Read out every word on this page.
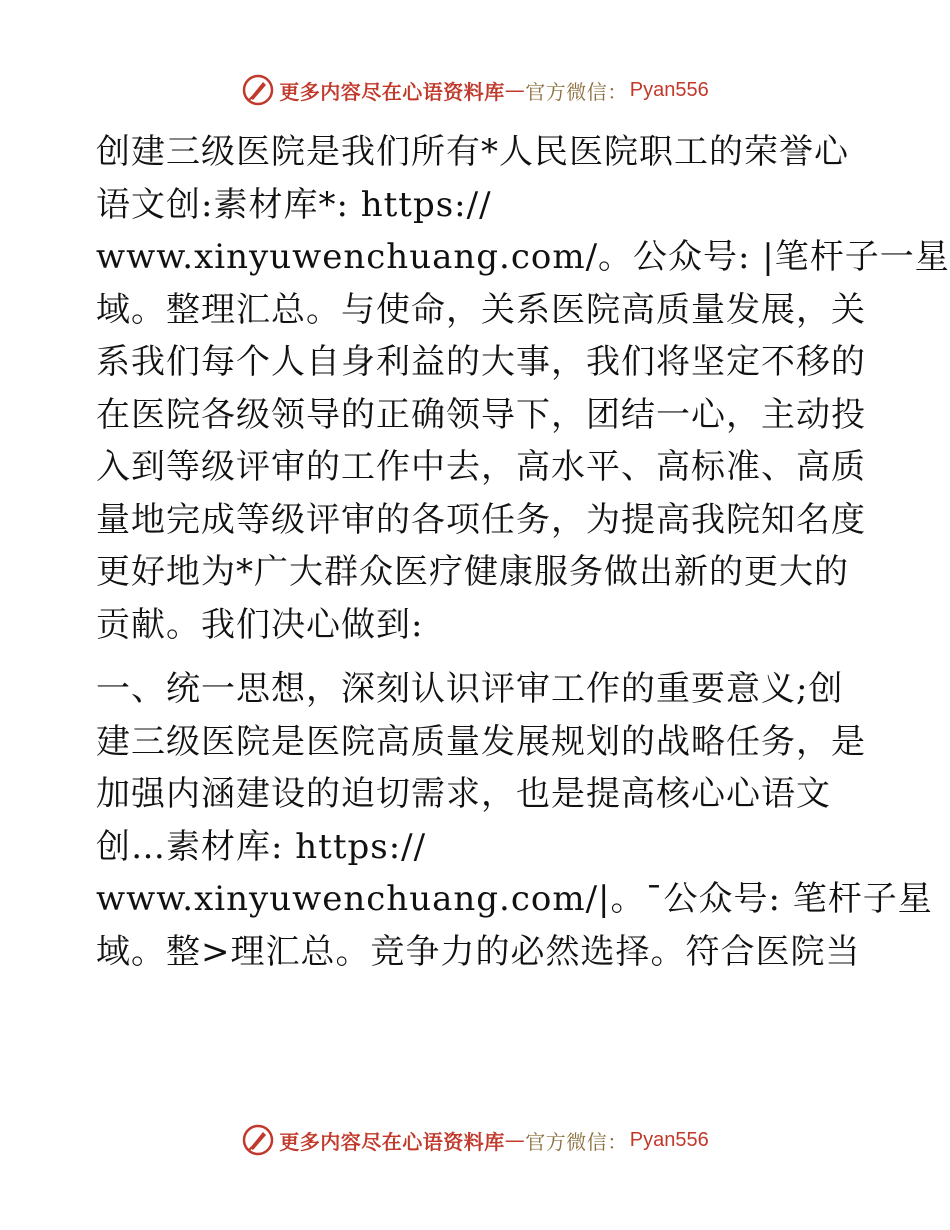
更多内容尽在心语资料库 — 官方微信： Pyan556
创建三级医院是我们所有*人民医院职工的荣誉心
语文创:素材库*: https://
www.xinyuwenchuang.com/。公众号: |笔杆子一星
域。整理汇总。与使命，关系医院高质量发展，关
系我们每个人自身利益的大事，我们将坚定不移的
在医院各级领导的正确领导下，团结一心，主动投
入到等级评审的工作中去，高水平、高标准、高质
量地完成等级评审的各项任务，为提高我院知名度
更好地为*广大群众医疗健康服务做出新的更大的
贡献。我们决心做到:
一、统一思想，深刻认识评审工作的重要意义;创
建三级医院是医院高质量发展规划的战略任务，是
加强内涵建设的迫切需求，也是提高核心心语文
创…素材库: https://
www.xinyuwenchuang.com/|。¯公众号: 笔杆子星
域。整>理汇总。竞争力的必然选择。符合医院当
更多内容尽在心语资料库 — 官方微信： Pyan556
